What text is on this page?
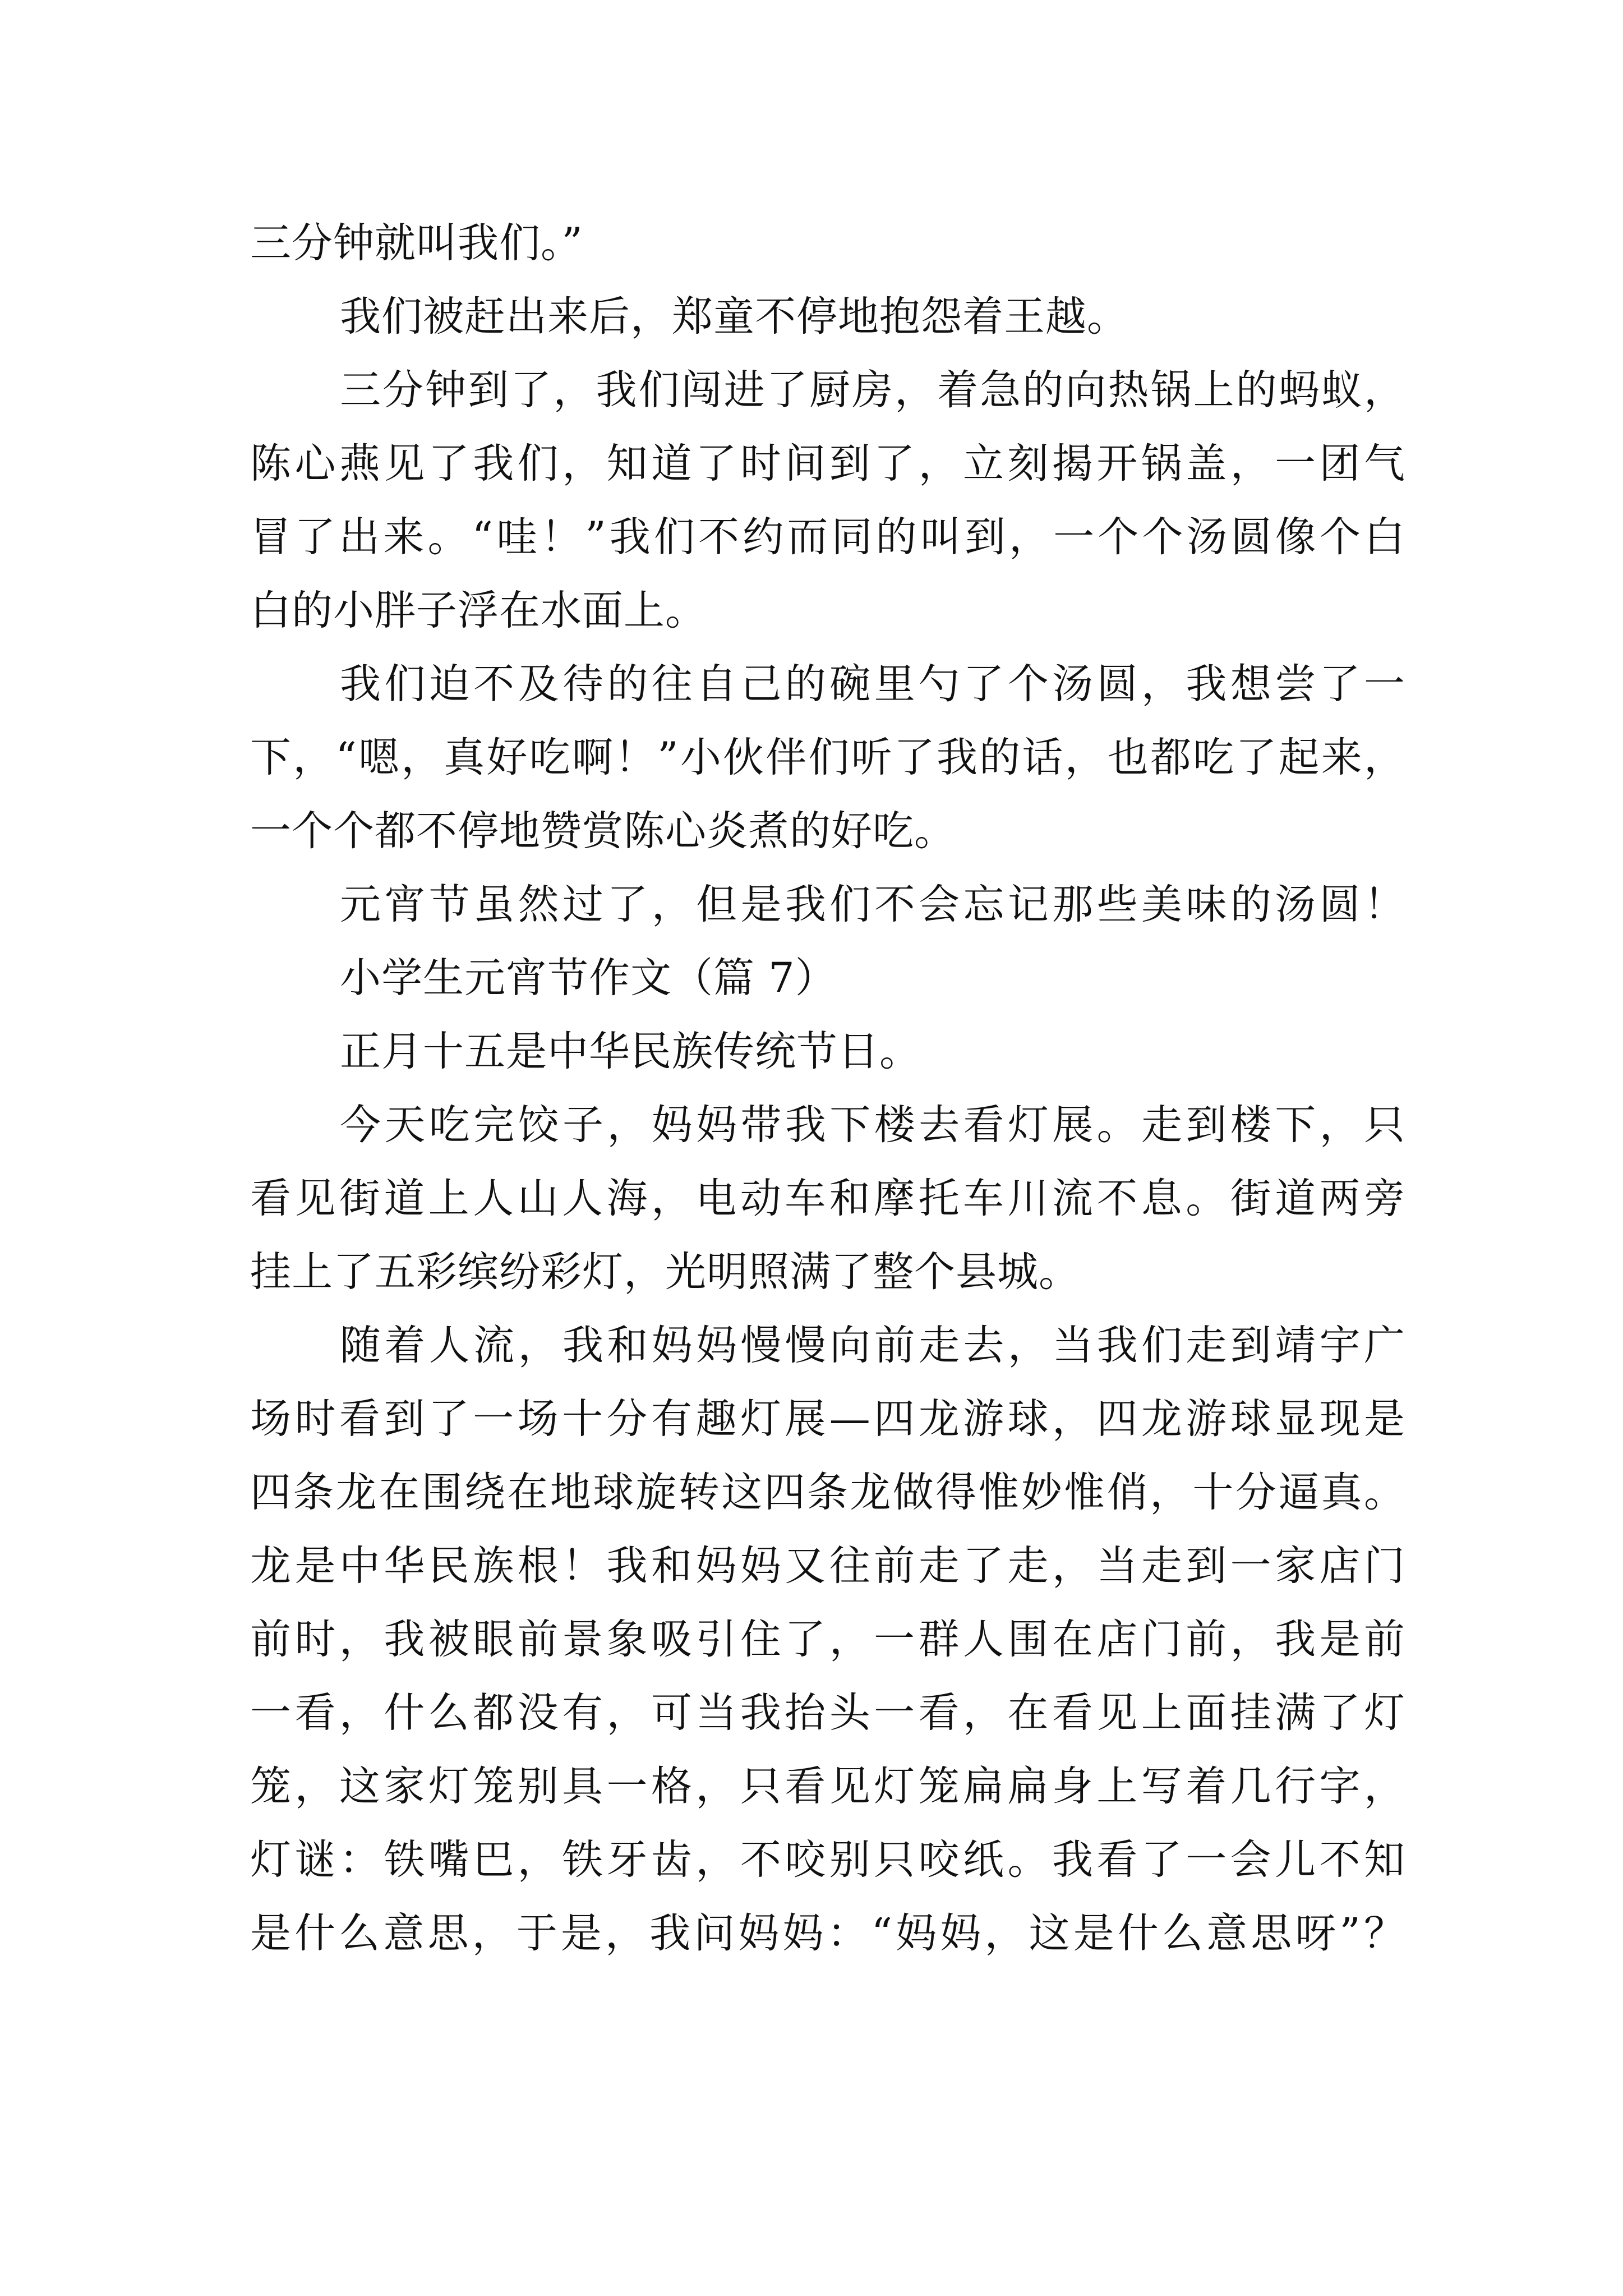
三分钟就叫我们。”
我们被赶出来后，郑童不停地抱怨着王越。
三分钟到了，我们闯进了厨房，着急的向热锅上的蚂蚁，
陈心燕见了我们，知道了时间到了，立刻揭开锅盖，一团气
冒了出来。“哇！”我们不约而同的叫到，一个个汤圆像个白
白的小胖子浮在水面上。
我们迫不及待的往自己的碗里勺了个汤圆，我想尝了一
下，“嗯，真好吃啊！”小伙伴们听了我的话，也都吃了起来，
一个个都不停地赞赏陈心炎煮的好吃。
元宵节虽然过了，但是我们不会忘记那些美味的汤圆！
小学生元宵节作文（篇 7）
正月十五是中华民族传统节日。
今天吃完饺子，妈妈带我下楼去看灯展。走到楼下，只
看见街道上人山人海，电动车和摩托车川流不息。街道两旁
挂上了五彩缤纷彩灯，光明照满了整个县城。
随着人流，我和妈妈慢慢向前走去，当我们走到靖宇广
场时看到了一场十分有趣灯展—四龙游球，四龙游球显现是
四条龙在围绕在地球旋转这四条龙做得惟妙惟俏，十分逼真。
龙是中华民族根！我和妈妈又往前走了走，当走到一家店门
前时，我被眼前景象吸引住了，一群人围在店门前，我是前
一看，什么都没有，可当我抬头一看，在看见上面挂满了灯
笼，这家灯笼别具一格，只看见灯笼扁扁身上写着几行字，
灯谜：铁嘴巴，铁牙齿，不咬别只咬纸。我看了一会儿不知
是什么意思，于是，我问妈妈：“妈妈，这是什么意思呀”？
